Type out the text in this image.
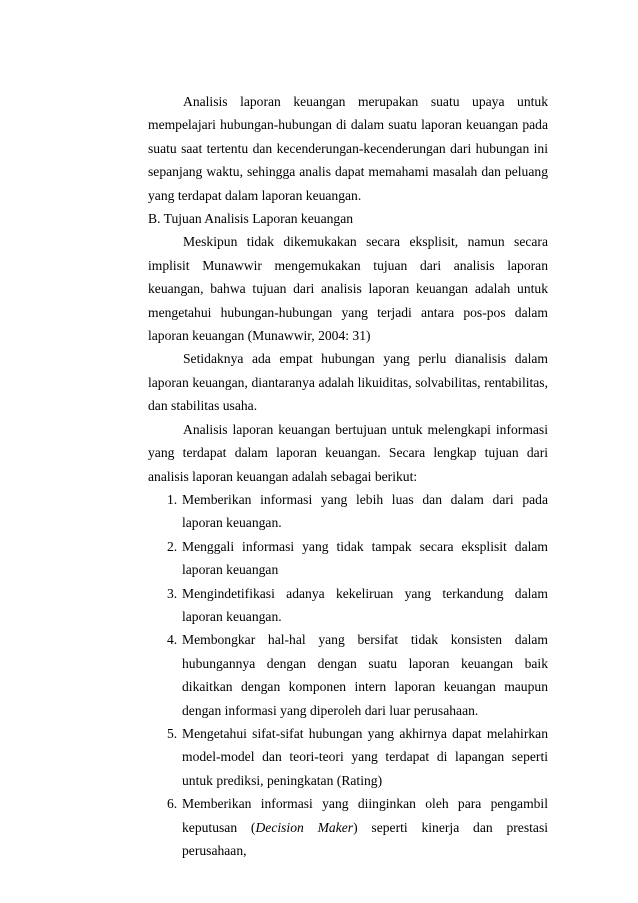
Analisis laporan keuangan merupakan suatu upaya untuk mempelajari hubungan-hubungan di dalam suatu laporan keuangan pada suatu saat tertentu dan kecenderungan-kecenderungan dari hubungan ini sepanjang waktu, sehingga analis dapat memahami masalah dan peluang yang terdapat dalam laporan keuangan.

B. Tujuan Analisis Laporan keuangan

Meskipun tidak dikemukakan secara eksplisit, namun secara implisit Munawwir mengemukakan tujuan dari analisis laporan keuangan, bahwa tujuan dari analisis laporan keuangan adalah untuk mengetahui hubungan-hubungan yang terjadi antara pos-pos dalam laporan keuangan (Munawwir, 2004: 31)

Setidaknya ada empat hubungan yang perlu dianalisis dalam laporan keuangan, diantaranya adalah likuiditas, solvabilitas, rentabilitas, dan stabilitas usaha.

Analisis laporan keuangan bertujuan untuk melengkapi informasi yang terdapat dalam laporan keuangan. Secara lengkap tujuan dari analisis laporan keuangan adalah sebagai berikut:

1. Memberikan informasi yang lebih luas dan dalam dari pada laporan keuangan.
2. Menggali informasi yang tidak tampak secara eksplisit dalam laporan keuangan
3. Mengindetifikasi adanya kekeliruan yang terkandung dalam laporan keuangan.
4. Membongkar hal-hal yang bersifat tidak konsisten dalam hubungannya dengan dengan suatu laporan keuangan baik dikaitkan dengan komponen intern laporan keuangan maupun dengan informasi yang diperoleh dari luar perusahaan.
5. Mengetahui sifat-sifat hubungan yang akhirnya dapat melahirkan model-model dan teori-teori yang terdapat di lapangan seperti untuk prediksi, peningkatan (Rating)
6. Memberikan informasi yang diinginkan oleh para pengambil keputusan (Decision Maker) seperti kinerja dan prestasi perusahaan,
